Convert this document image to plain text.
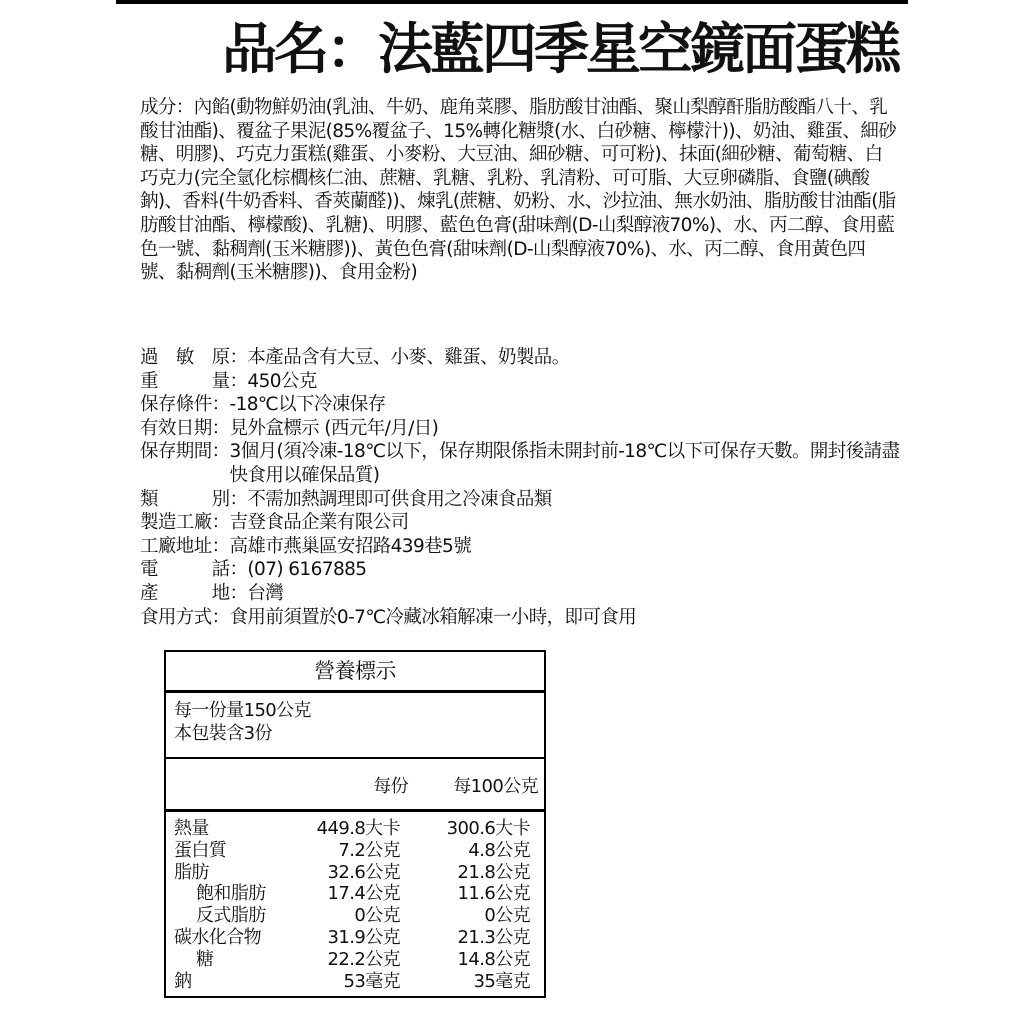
品名：法藍四季星空鏡面蛋糕

成分：內餡(動物鮮奶油(乳油、牛奶、鹿角菜膠、脂肪酸甘油酯、聚山梨醇酐脂肪酸酯八十、乳酸甘油酯)、覆盆子果泥(85%覆盆子、15%轉化糖漿(水、白砂糖、檸檬汁))、奶油、雞蛋、細砂糖、明膠)、巧克力蛋糕(雞蛋、小麥粉、大豆油、細砂糖、可可粉)、抹面(細砂糖、葡萄糖、白巧克力(完全氫化棕櫚核仁油、蔗糖、乳糖、乳粉、乳清粉、可可脂、大豆卵磷脂、食鹽(碘酸鈉)、香料(牛奶香料、香莢蘭醛))、煉乳(蔗糖、奶粉、水、沙拉油、無水奶油、脂肪酸甘油酯(脂肪酸甘油酯、檸檬酸)、乳糖)、明膠、藍色色膏(甜味劑(D-山梨醇液70%)、水、丙二醇、食用藍色一號、黏稠劑(玉米糖膠))、黃色色膏(甜味劑(D-山梨醇液70%)、水、丙二醇、食用黃色四號、黏稠劑(玉米糖膠))、食用金粉)

過　敏　原： 本產品含有大豆、小麥、雞蛋、奶製品。
重　　　量： 450公克
保存條件： -18℃以下冷凍保存
有效日期： 見外盒標示 (西元年/月/日)
保存期間： 3個月(須冷凍-18℃以下，保存期限係指未開封前-18℃以下可保存天數。開封後請盡快食用以確保品質)
類　　　別： 不需加熱調理即可供食用之冷凍食品類
製造工廠： 吉登食品企業有限公司
工廠地址： 高雄市燕巢區安招路439巷5號
電　　　話： (07) 6167885
產　　　地： 台灣
食用方式： 食用前須置於0-7℃冷藏冰箱解凍一小時，即可食用
營養標示
每一份量150公克
本包裝含3份
每份	每100公克
熱量	449.8大卡	300.6大卡
蛋白質	7.2公克	4.8公克
脂肪	32.6公克	21.8公克
飽和脂肪	17.4公克	11.6公克
反式脂肪	0公克	0公克
碳水化合物	31.9公克	21.3公克
糖	22.2公克	14.8公克
鈉	53毫克	35毫克
